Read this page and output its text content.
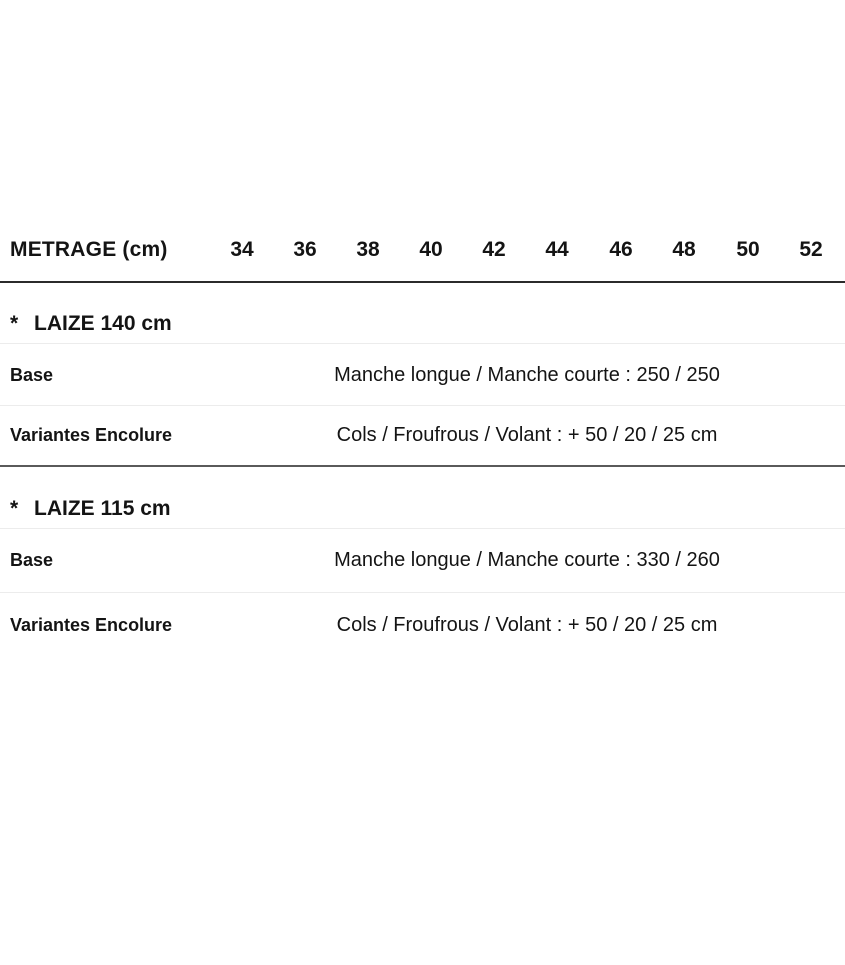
METRAGE (cm)	34	36	38	40	42	44	46	48	50	52
* LAIZE 140 cm
Base	Manche longue / Manche courte : 250 / 250
Variantes Encolure	Cols / Froufrous / Volant : + 50 / 20 / 25 cm
* LAIZE 115 cm
Base	Manche longue / Manche courte : 330 / 260
Variantes Encolure	Cols / Froufrous / Volant : + 50 / 20 / 25 cm
